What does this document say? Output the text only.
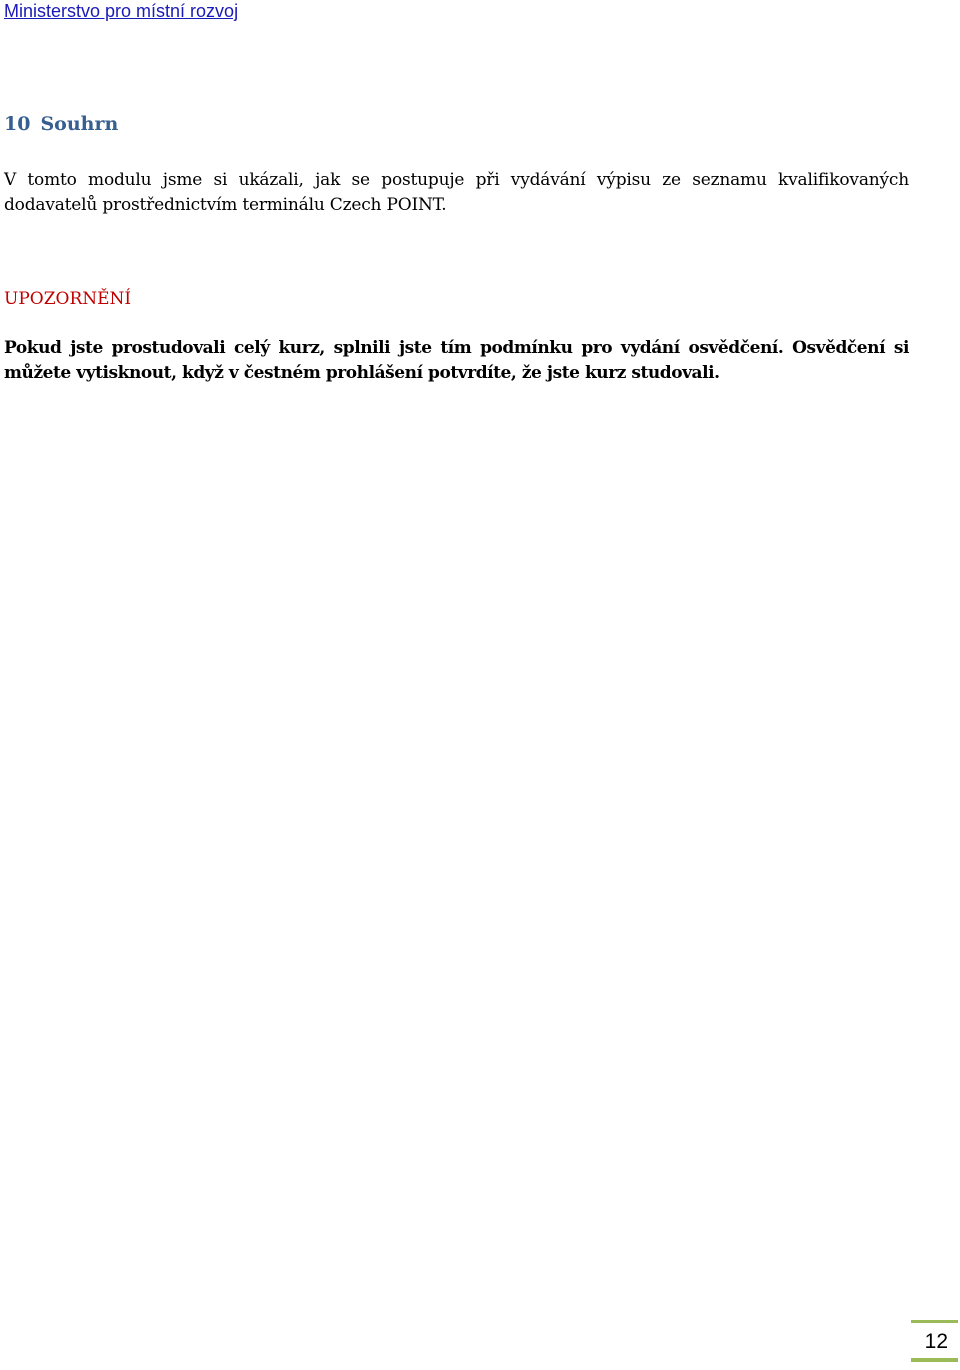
Ministerstvo pro místní rozvoj
10 Souhrn

V tomto modulu jsme si ukázali, jak se postupuje při vydávání výpisu ze seznamu kvalifikovaných dodavatelů prostřednictvím terminálu Czech POINT.

UPOZORNĚNÍ

Pokud jste prostudovali celý kurz, splnili jste tím podmínku pro vydání osvědčení. Osvědčení si můžete vytisknout, když v čestném prohlášení potvrdíte, že jste kurz studovali.

12
